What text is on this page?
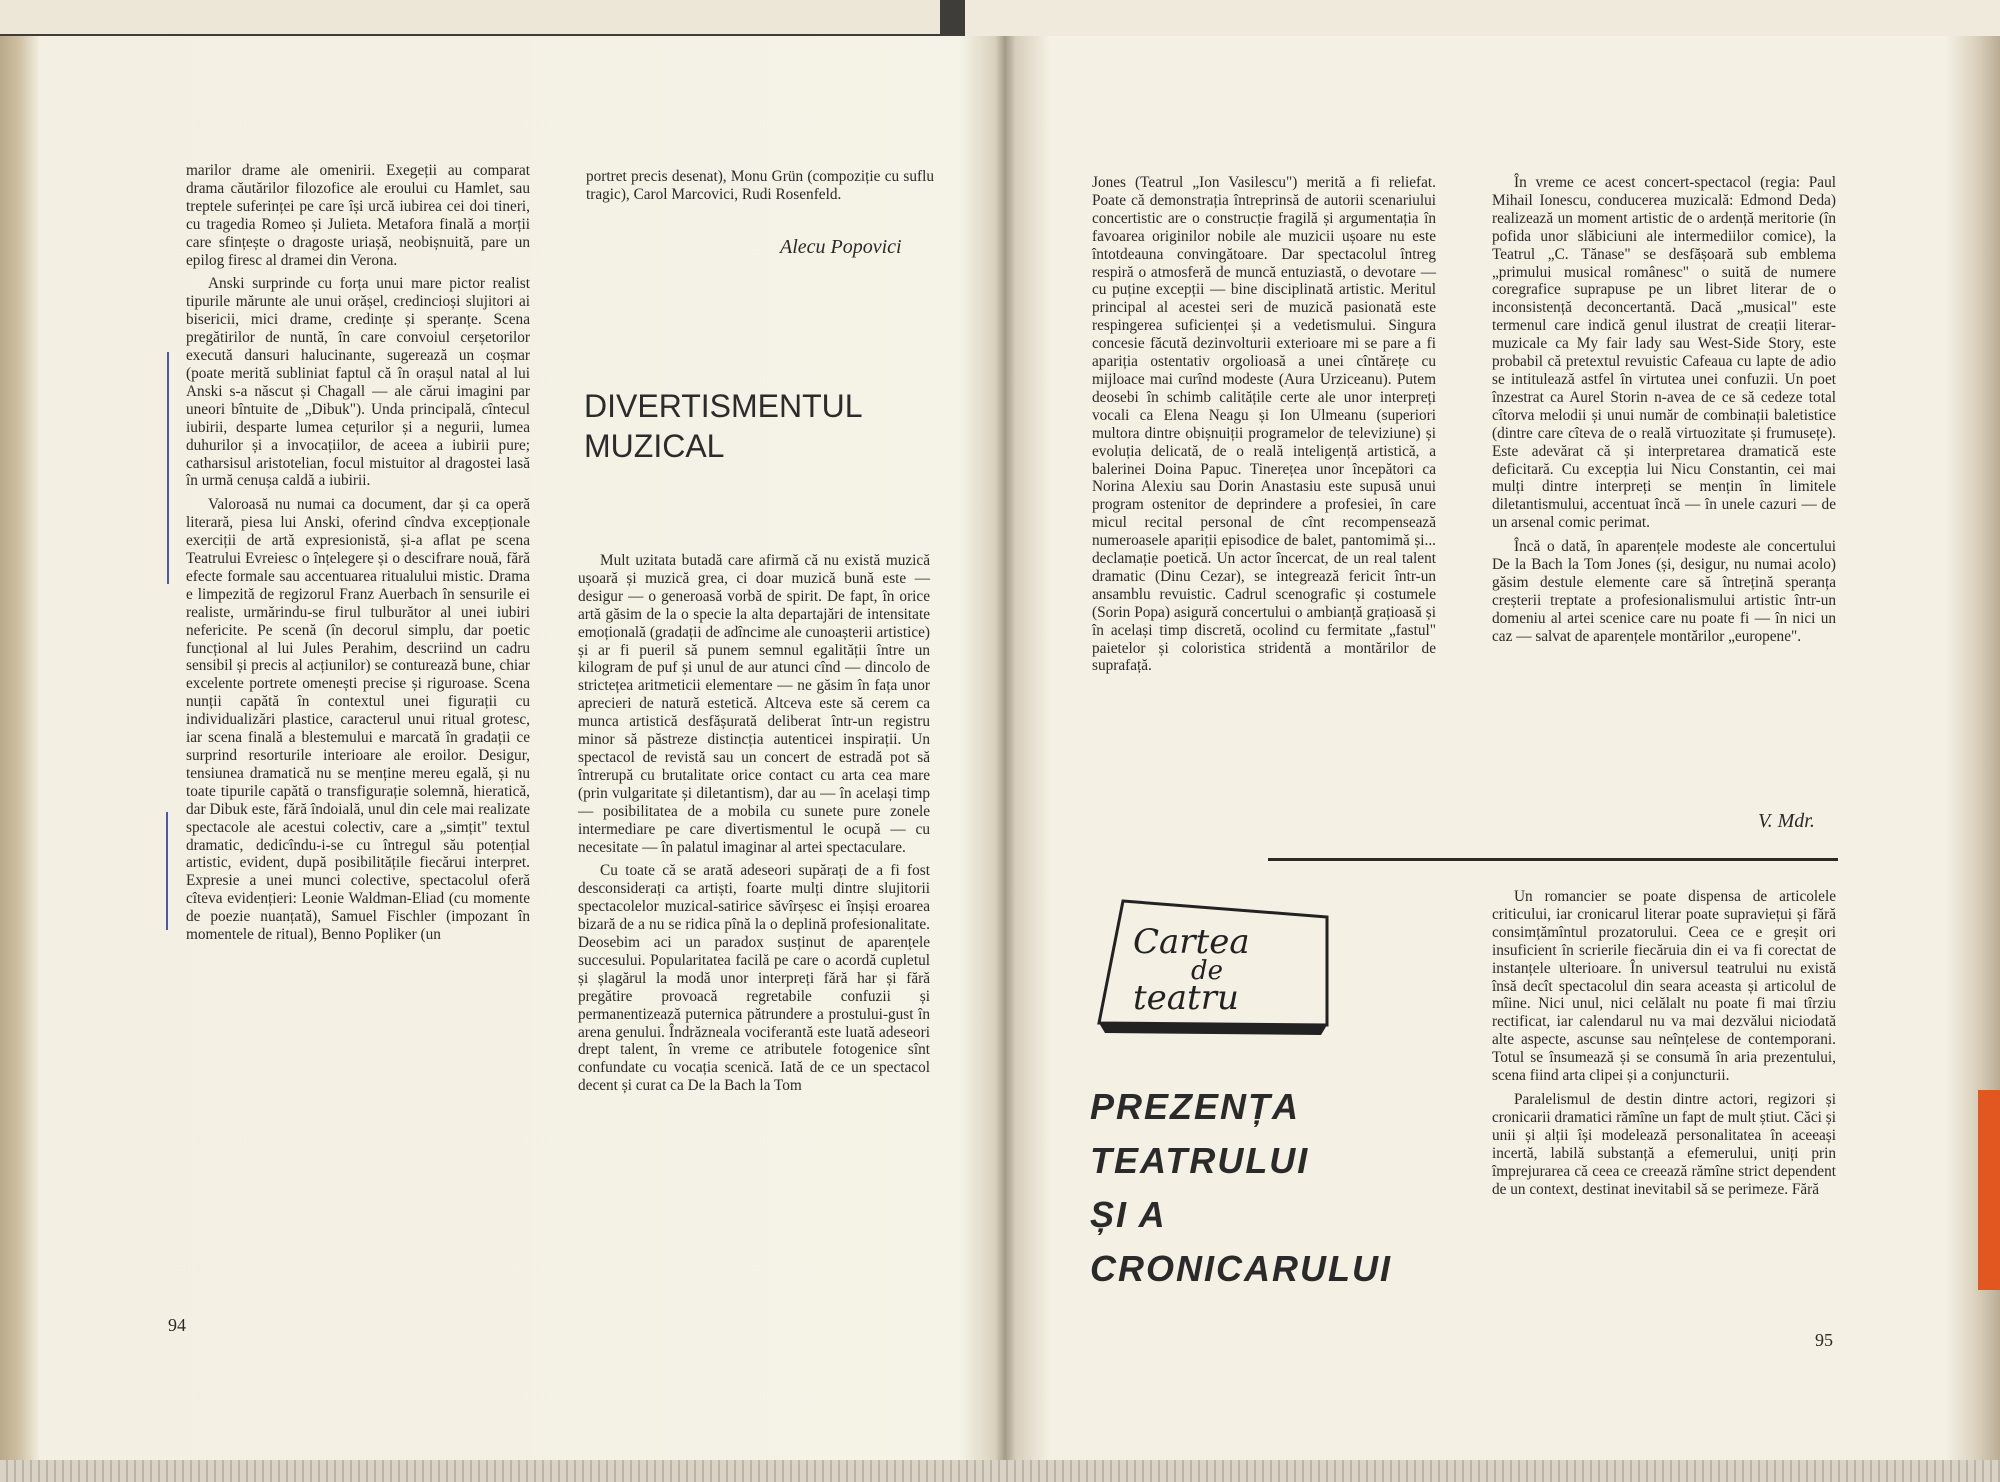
marilor drame ale omenirii. Exegeții au comparat drama căutărilor filozofice ale eroului cu Hamlet, sau treptele suferinței pe care își urcă iubirea cei doi tineri, cu tragedia Romeo și Julieta. Metafora finală a morții care sfințește o dragoste uriașă, neobișnuită, pare un epilog firesc al dramei din Verona.

Anski surprinde cu forța unui mare pictor realist tipurile mărunte ale unui orășel, credincioși slujitori ai bisericii, mici drame, credințe și speranțe. Scena pregătirilor de nuntă, în care convoiul cerșetorilor execută dansuri halucinante, sugerează un coșmar (poate merită subliniat faptul că în orașul natal al lui Anski s-a născut și Chagall — ale cărui imagini par uneori bîntuite de „Dibuk"). Unda principală, cîntecul iubirii, desparte lumea cețurilor și a negurii, lumea duhurilor și a invocațiilor, de aceea a iubirii pure; catharsisul aristotelian, focul mistuitor al dragostei lasă în urmă cenușa caldă a iubirii.

Valoroasă nu numai ca document, dar și ca operă literară, piesa lui Anski, oferind cîndva excepționale exerciții de artă expresionistă, și-a aflat pe scena Teatrului Evreiesc o înțelegere și o descifrare nouă, fără efecte formale sau accentuarea ritualului mistic. Drama e limpezită de regizorul Franz Auerbach în sensurile ei realiste, urmărindu-se firul tulburător al unei iubiri nefericite. Pe scenă (în decorul simplu, dar poetic funcțional al lui Jules Perahim, descriind un cadru sensibil și precis al acțiunilor) se conturează bune, chiar excelente portrete omenești precise și riguroase. Scena nunții capătă în contextul unei figurații cu individualizări plastice, caracterul unui ritual grotesc, iar scena finală a blestemului e marcată în gradații ce surprind resorturile interioare ale eroilor. Desigur, tensiunea dramatică nu se menține mereu egală, și nu toate tipurile capătă o transfigurație solemnă, hieratică, dar Dibuk este, fără îndoială, unul din cele mai realizate spectacole ale acestui colectiv, care a „simțit" textul dramatic, dedicîndu-i-se cu întregul său potențial artistic, evident, după posibilitățile fiecărui interpret. Expresie a unei munci colective, spectacolul oferă cîteva evidențieri: Leonie Waldman-Eliad (cu momente de poezie nuanțată), Samuel Fischler (impozant în momentele de ritual), Benno Popliker (un

portret precis desenat), Monu Grün (compoziție cu suflu tragic), Carol Marcovici, Rudi Rosenfeld.

Alecu Popovici
DIVERTISMENTUL MUZICAL

Mult uzitata butadă care afirmă că nu există muzică ușoară și muzică grea, ci doar muzică bună este — desigur — o generoasă vorbă de spirit. De fapt, în orice artă găsim de la o specie la alta departajări de intensitate emoțională (gradații de adîncime ale cunoașterii artistice) și ar fi pueril să punem semnul egalității între un kilogram de puf și unul de aur atunci cînd — dincolo de strictețea aritmeticii elementare — ne găsim în fața unor aprecieri de natură estetică. Altceva este să cerem ca munca artistică desfășurată deliberat într-un registru minor să păstreze distincția autenticei inspirații. Un spectacol de revistă sau un concert de estradă pot să întrerupă cu brutalitate orice contact cu arta cea mare (prin vulgaritate și diletantism), dar au — în același timp — posibilitatea de a mobila cu sunete pure zonele intermediare pe care divertismentul le ocupă — cu necesitate — în palatul imaginar al artei spectaculare.

Cu toate că se arată adeseori supărați de a fi fost desconsiderați ca artiști, foarte mulți dintre slujitorii spectacolelor muzical-satirice săvîrșesc ei înșiși eroarea bizară de a nu se ridica pînă la o deplină profesionalitate. Deosebim aci un paradox susținut de aparențele succesului. Popularitatea facilă pe care o acordă cupletul și șlagărul la modă unor interpreți fără har și fără pregătire provoacă regretabile confuzii și permanentizează puternica pătrundere a prostului-gust în arena genului. Îndrăzneala vociferantă este luată adeseori drept talent, în vreme ce atributele fotogenice sînt confundate cu vocația scenică. Iată de ce un spectacol decent și curat ca De la Bach la Tom

94

Jones (Teatrul „Ion Vasilescu") merită a fi reliefat. Poate că demonstrația întreprinsă de autorii scenariului concertistic are o construcție fragilă și argumentația în favoarea originilor nobile ale muzicii ușoare nu este întotdeauna convingătoare. Dar spectacolul întreg respiră o atmosferă de muncă entuziastă, o devotare — cu puține excepții — bine disciplinată artistic. Meritul principal al acestei seri de muzică pasionată este respingerea suficienței și a vedetismului. Singura concesie făcută dezinvolturii exterioare mi se pare a fi apariția ostentativ orgolioasă a unei cîntărețe cu mijloace mai curînd modeste (Aura Urziceanu). Putem deosebi în schimb calitățile certe ale unor interpreți vocali ca Elena Neagu și Ion Ulmeanu (superiori multora dintre obișnuiții programelor de televiziune) și evoluția delicată, de o reală inteligență artistică, a balerinei Doina Papuc. Tinerețea unor începători ca Norina Alexiu sau Dorin Anastasiu este supusă unui program ostenitor de deprindere a profesiei, în care micul recital personal de cînt recompensează numeroasele apariții episodice de balet, pantomimă și... declamație poetică. Un actor încercat, de un real talent dramatic (Dinu Cezar), se integrează fericit într-un ansamblu revuistic. Cadrul scenografic și costumele (Sorin Popa) asigură concertului o ambianță grațioasă și în același timp discretă, ocolind cu fermitate „fastul" paietelor și coloristica stridentă a montărilor de suprafață.

În vreme ce acest concert-spectacol (regia: Paul Mihail Ionescu, conducerea muzicală: Edmond Deda) realizează un moment artistic de o ardență meritorie (în pofida unor slăbiciuni ale intermediilor comice), la Teatrul „C. Tănase" se desfășoară sub emblema „primului musical românesc" o suită de numere coregrafice suprapuse pe un libret literar de o inconsistență deconcertantă. Dacă „musical" este termenul care indică genul ilustrat de creații literar-muzicale ca My fair lady sau West-Side Story, este probabil că pretextul revuistic Cafeaua cu lapte de adio se intitulează astfel în virtutea unei confuzii. Un poet înzestrat ca Aurel Storin n-avea de ce să cedeze total cîtorva melodii și unui număr de combinații baletistice (dintre care cîteva de o reală virtuozitate și frumusețe). Este adevărat că și interpretarea dramatică este deficitară. Cu excepția lui Nicu Constantin, cei mai mulți dintre interpreți se mențin în limitele diletantismului, accentuat încă — în unele cazuri — de un arsenal comic perimat.

Încă o dată, în aparențele modeste ale concertului De la Bach la Tom Jones (și, desigur, nu numai acolo) găsim destule elemente care să întrețină speranța creșterii treptate a profesionalismului artistic într-un domeniu al artei scenice care nu poate fi — în nici un caz — salvat de aparențele montărilor „europene".

V. Mdr.
Cartea
de
teatru
PREZENȚA
TEATRULUI
ȘI A
CRONICARULUI

Un romancier se poate dispensa de articolele criticului, iar cronicarul literar poate supraviețui și fără consimțămîntul prozatorului. Ceea ce e greșit ori insuficient în scrierile fiecăruia din ei va fi corectat de instanțele ulterioare. În universul teatrului nu există însă decît spectacolul din seara aceasta și articolul de mîine. Nici unul, nici celălalt nu poate fi mai tîrziu rectificat, iar calendarul nu va mai dezvălui niciodată alte aspecte, ascunse sau neînțelese de contemporani. Totul se însumează și se consumă în aria prezentului, scena fiind arta clipei și a conjuncturii.

Paralelismul de destin dintre actori, regizori și cronicarii dramatici rămîne un fapt de mult știut. Căci și unii și alții își modelează personalitatea în aceeași incertă, labilă substanță a efemerului, uniți prin împrejurarea că ceea ce creează rămîne strict dependent de un context, destinat inevitabil să se perimeze. Fără

95
